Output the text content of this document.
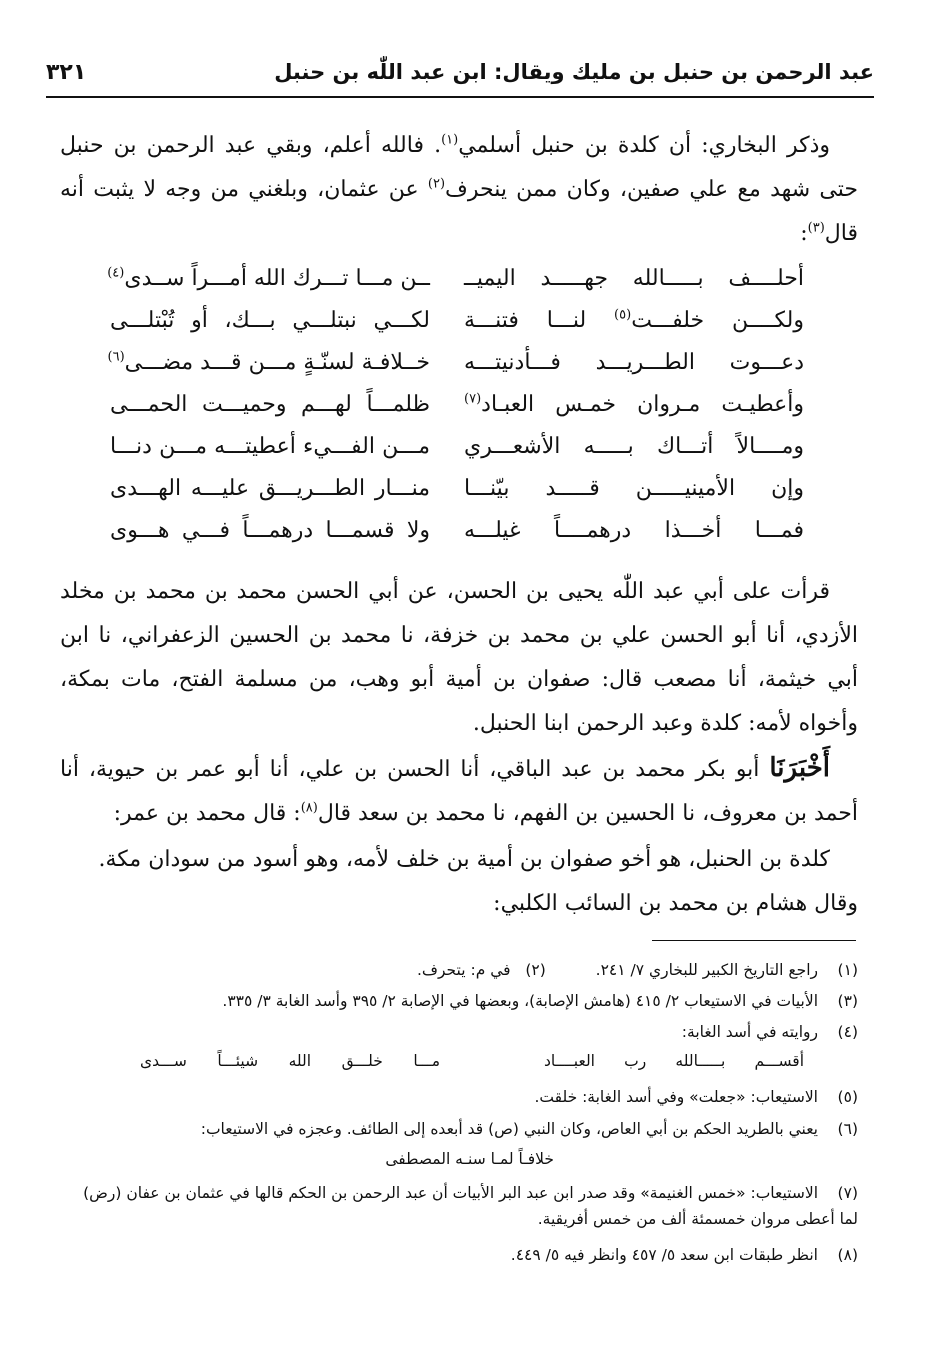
عبد الرحمن بن حنبل بن مليك ويقال: ابن عبد اللّٰه بن حنبل
٣٢١

وذكر البخاري: أن كلدة بن حنبل أسلمي$^{(١)}$. فالله أعلم، وبقي عبد الرحمن بن حنبل حتى شهد مع علي صفين، وكان ممن ينحرف$^{(٢)}$ عن عثمان، وبلغني من وجه لا يثبت أنه قال$^{(٣)}$:

أحلــــف بـــــالله جهـــــد اليميــ
ــن مـــا تـــرك الله أمـــراً ســدى$^{(٤)}$
ولكــــن خلفـــت$^{(٥)}$ لنـــا فتنـــة
لكـــي نبتلـــي بـــك، أو تُبْتلـــى
دعـــوت الطـــريـــد فـــأدنيتـــه
خــلافـة لسنّـةٍ مـــن قـــد مضـــى$^{(٦)}$
وأعطيـت مـروان خمـس العبـاد$^{(٧)}$
ظلمـــاً لهـــم وحميـــت الحمـــى
ومــــالاً أتـــاك بـــــه الأشعـــري
مـــن الفـــيء أعطيتـــه مـــن دنـــا
وإن الأمينيـــــن قـــــد بيّنـــا
منـــار الطـــريـــق عليـــه الهـــدى
فمـــا أخـــذا درهمــــاً غيلـــه
ولا قسمـــا درهمـــاً فـــي هـــوى

قرأت على أبي عبد اللّٰه يحيى بن الحسن، عن أبي الحسن محمد بن محمد بن مخلد الأزدي، أنا أبو الحسن علي بن محمد بن خزفة، نا محمد بن الحسين الزعفراني، نا ابن أبي خيثمة، أنا مصعب قال: صفوان بن أمية أبو وهب، من مسلمة الفتح، مات بمكة، وأخواه لأمه: كلدة وعبد الرحمن ابنا الحنبل.

أَخْبَرَنَا أبو بكر محمد بن عبد الباقي، أنا الحسن بن علي، أنا أبو عمر بن حيوية، أنا أحمد بن معروف، نا الحسين بن الفهم، نا محمد بن سعد قال$^{(٨)}$: قال محمد بن عمر:

كلدة بن الحنبل، هو أخو صفوان بن أمية بن خلف لأمه، وهو أسود من سودان مكة.

وقال هشام بن محمد بن السائب الكلبي:

(١)راجع التاريخ الكبير للبخاري ٧/ ٢٤١.  (٢)   في م: يتحرف.
(٣)الأبيات في الاستيعاب ٢/ ٤١٥ (هامش الإصابة)، وبعضها في الإصابة ٢/ ٣٩٥ وأسد الغابة ٣/ ٣٣٥.
(٤)روايته في أسد الغابة:
أقســـم بـــــالله رب العبــــاد
مـــا خلـــق الله شيئـــاً ســـدى
(٥)الاستيعاب: «جعلت» وفي أسد الغابة: خلقت.
(٦)يعني بالطريد الحكم بن أبي العاص، وكان النبي (ص) قد أبعده إلى الطائف. وعجزه في الاستيعاب:
خلافـاً لمـا سنـه المصطفى
(٧)الاستيعاب: «خمس الغنيمة» وقد صدر ابن عبد البر الأبيات أن عبد الرحمن بن الحكم قالها في عثمان بن عفان (رض) لما أعطى مروان خمسمئة ألف من خمس أفريقية.
(٨)انظر طبقات ابن سعد ٥/ ٤٥٧ وانظر فيه ٥/ ٤٤٩.
